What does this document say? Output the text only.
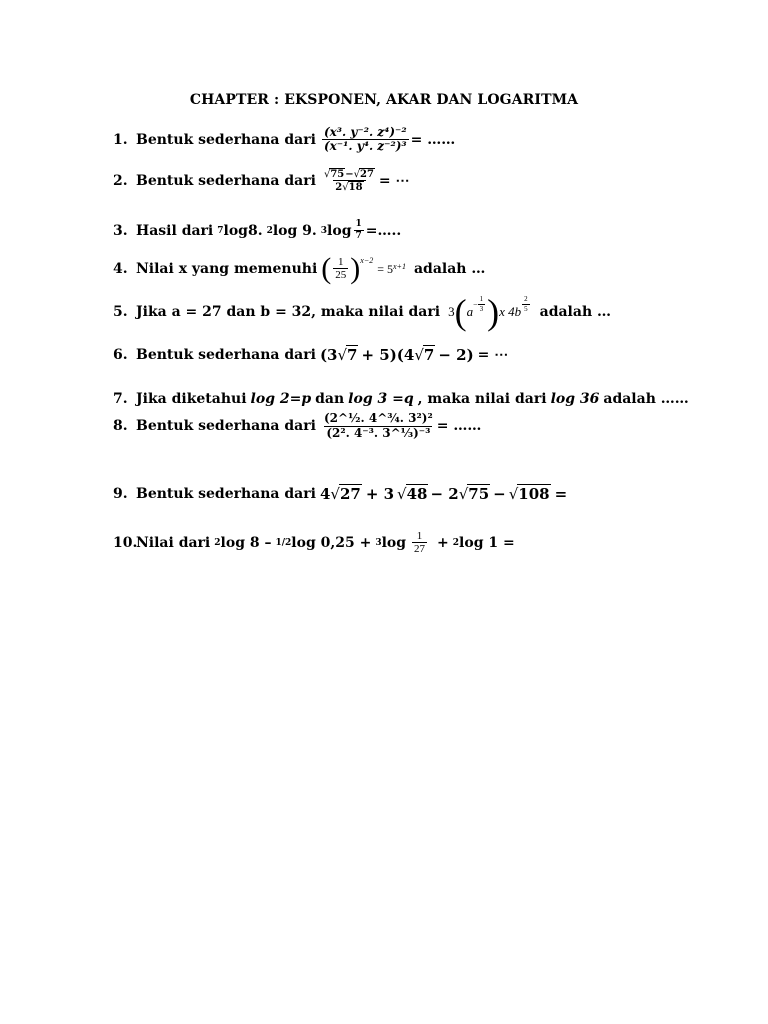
CHAPTER : EKSPONEN, AKAR DAN LOGARITMA
1. Bentuk sederhana dari $\frac{\text{(x³. y⁻². z⁴)⁻²}}{\text{(x⁻¹. y⁴. z⁻²)³}}$ = ……
2. Bentuk sederhana dari $\frac{√75-√27}{2√18}$ = ⋯
3. Hasil dari 7 log8. 2 log 9. 3 $\log \frac{1}{7}$ =…..
4. Nilai x yang memenuhi ( $\frac{1}{25}$ ) x−2
= 5 x+1 adalah …
5. Jika a = 27 dan b = 32, maka nilai dari 3 ( $a - \frac{1}{3}$ ) x 4 b $\frac{2}{5}$ adalah …
6. Bentuk sederhana dari (3 √ 7 + 5)(4 √ 7 − 2) = ⋯
7. Jika diketahui log 2=p dan log 3 =q , maka nilai dari log 36 adalah ……
8. Bentuk sederhana dari $\frac{\text{(2\textasciicircum{}½. 4\textasciicircum{}¾. 3²)²}}{\text{(2². 4⁻³. 3\textasciicircum{}⅓)⁻³}}$ = ……
9. Bentuk sederhana dari 4 √ 27 + 3 √ 48 − 2 √ 75 − √ 108 =
10.
Nilai dari 2 log 8 – 1/2 log 0,25 + 3 $\log \frac{1}{27} + 2$ log 1 =
